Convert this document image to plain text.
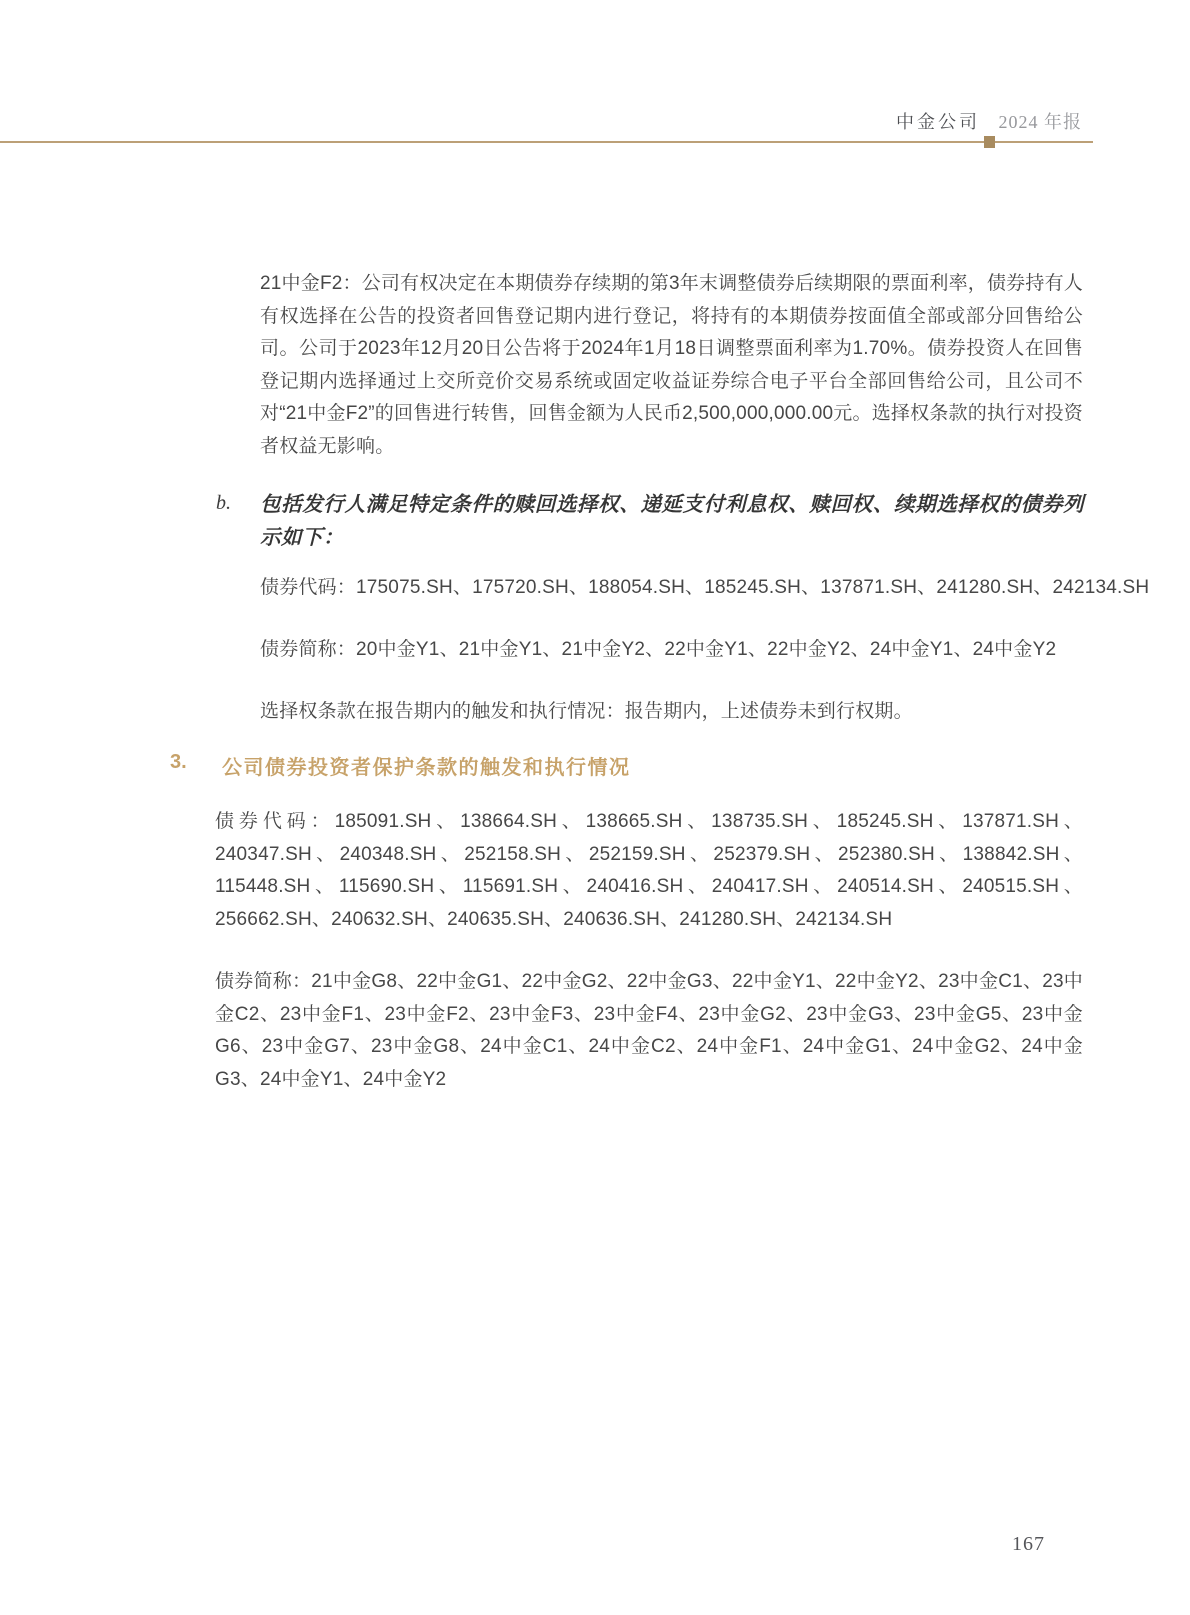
中金公司 2024 年报

21中金F2：公司有权决定在本期债券存续期的第3年末调整债券后续期限的票面利率，债券持有人有权选择在公告的投资者回售登记期内进行登记，将持有的本期债券按面值全部或部分回售给公司。公司于2023年12月20日公告将于2024年1月18日调整票面利率为1.70%。债券投资人在回售登记期内选择通过上交所竞价交易系统或固定收益证券综合电子平台全部回售给公司，且公司不对“21中金F2”的回售进行转售，回售金额为人民币2,500,000,000.00元。选择权条款的执行对投资者权益无影响。

b. 包括发行人满足特定条件的赎回选择权、递延支付利息权、赎回权、续期选择权的债券列示如下：

债券代码：175075.SH、175720.SH、188054.SH、185245.SH、137871.SH、241280.SH、242134.SH

债券简称：20中金Y1、21中金Y1、21中金Y2、22中金Y1、22中金Y2、24中金Y1、24中金Y2

选择权条款在报告期内的触发和执行情况：报告期内，上述债券未到行权期。

3. 公司债券投资者保护条款的触发和执行情况

债券代码：185091.SH、138664.SH、138665.SH、138735.SH、185245.SH、137871.SH、240347.SH、240348.SH、252158.SH、252159.SH、252379.SH、252380.SH、138842.SH、115448.SH、115690.SH、115691.SH、240416.SH、240417.SH、240514.SH、240515.SH、256662.SH、240632.SH、240635.SH、240636.SH、241280.SH、242134.SH

债券简称：21中金G8、22中金G1、22中金G2、22中金G3、22中金Y1、22中金Y2、23中金C1、23中金C2、23中金F1、23中金F2、23中金F3、23中金F4、23中金G2、23中金G3、23中金G5、23中金G6、23中金G7、23中金G8、24中金C1、24中金C2、24中金F1、24中金G1、24中金G2、24中金G3、24中金Y1、24中金Y2

167
